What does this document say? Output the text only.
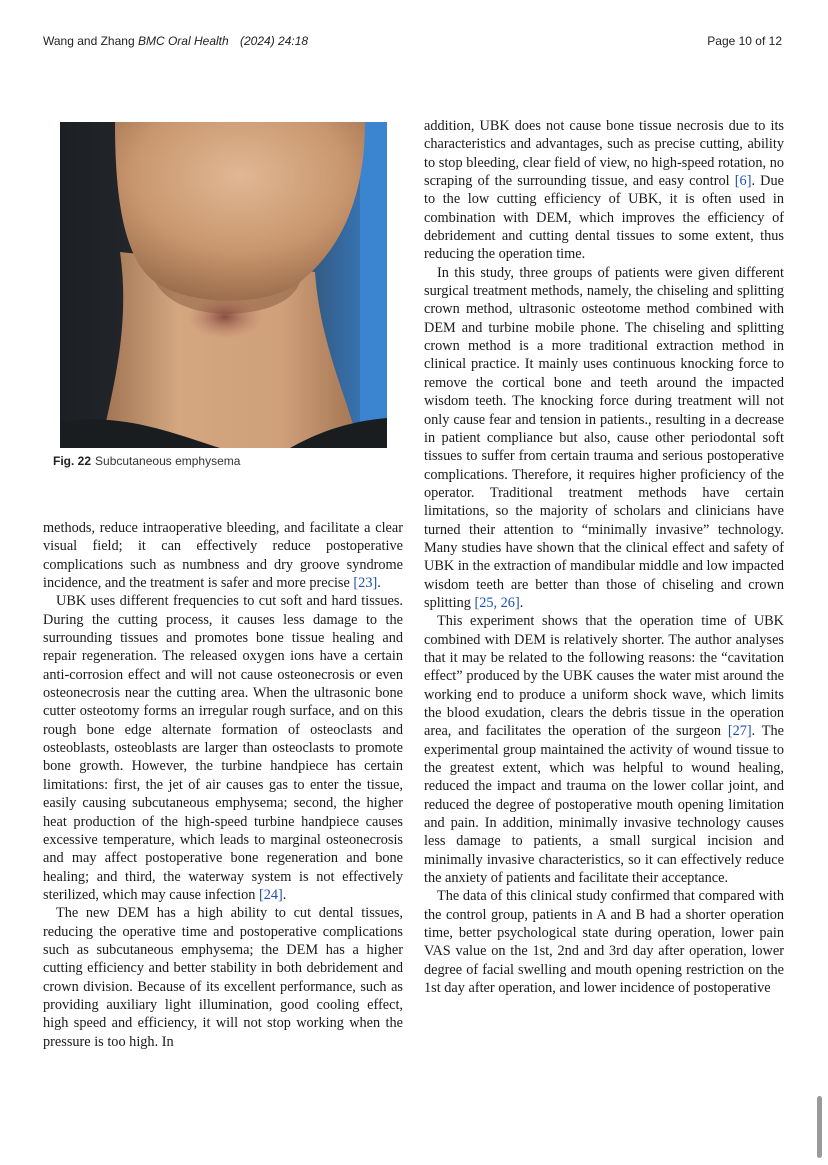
Wang and Zhang BMC Oral Health (2024) 24:18	Page 10 of 12
Fig. 22 Subcutaneous emphysema

methods, reduce intraoperative bleeding, and facilitate a clear visual field; it can effectively reduce postoperative complications such as numbness and dry groove syndrome incidence, and the treatment is safer and more precise [23].

UBK uses different frequencies to cut soft and hard tissues. During the cutting process, it causes less damage to the surrounding tissues and promotes bone tissue healing and repair regeneration. The released oxygen ions have a certain anti-corrosion effect and will not cause osteonecrosis or even osteonecrosis near the cutting area. When the ultrasonic bone cutter osteotomy forms an irregular rough surface, and on this rough bone edge alternate formation of osteoclasts and osteoblasts, osteoblasts are larger than osteoclasts to promote bone growth. However, the turbine handpiece has certain limitations: first, the jet of air causes gas to enter the tissue, easily causing subcutaneous emphysema; second, the higher heat production of the high-speed turbine handpiece causes excessive temperature, which leads to marginal osteonecrosis and may affect postoperative bone regeneration and bone healing; and third, the waterway system is not effectively sterilized, which may cause infection [24].

The new DEM has a high ability to cut dental tissues, reducing the operative time and postoperative complications such as subcutaneous emphysema; the DEM has a higher cutting efficiency and better stability in both debridement and crown division. Because of its excellent performance, such as providing auxiliary light illumination, good cooling effect, high speed and efficiency, it will not stop working when the pressure is too high. In

addition, UBK does not cause bone tissue necrosis due to its characteristics and advantages, such as precise cutting, ability to stop bleeding, clear field of view, no high-speed rotation, no scraping of the surrounding tissue, and easy control [6]. Due to the low cutting efficiency of UBK, it is often used in combination with DEM, which improves the efficiency of debridement and cutting dental tissues to some extent, thus reducing the operation time.

In this study, three groups of patients were given different surgical treatment methods, namely, the chiseling and splitting crown method, ultrasonic osteotome method combined with DEM and turbine mobile phone. The chiseling and splitting crown method is a more traditional extraction method in clinical practice. It mainly uses continuous knocking force to remove the cortical bone and teeth around the impacted wisdom teeth. The knocking force during treatment will not only cause fear and tension in patients., resulting in a decrease in patient compliance but also, cause other periodontal soft tissues to suffer from certain trauma and serious postoperative complications. Therefore, it requires higher proficiency of the operator. Traditional treatment methods have certain limitations, so the majority of scholars and clinicians have turned their attention to “minimally invasive” technology. Many studies have shown that the clinical effect and safety of UBK in the extraction of mandibular middle and low impacted wisdom teeth are better than those of chiseling and crown splitting [25, 26].

This experiment shows that the operation time of UBK combined with DEM is relatively shorter. The author analyses that it may be related to the following reasons: the “cavitation effect” produced by the UBK causes the water mist around the working end to produce a uniform shock wave, which limits the blood exudation, clears the debris tissue in the operation area, and facilitates the operation of the surgeon [27]. The experimental group maintained the activity of wound tissue to the greatest extent, which was helpful to wound healing, reduced the impact and trauma on the lower collar joint, and reduced the degree of postoperative mouth opening limitation and pain. In addition, minimally invasive technology causes less damage to patients, a small surgical incision and minimally invasive characteristics, so it can effectively reduce the anxiety of patients and facilitate their acceptance.

The data of this clinical study confirmed that compared with the control group, patients in A and B had a shorter operation time, better psychological state during operation, lower pain VAS value on the 1st, 2nd and 3rd day after operation, lower degree of facial swelling and mouth opening restriction on the 1st day after operation, and lower incidence of postoperative
